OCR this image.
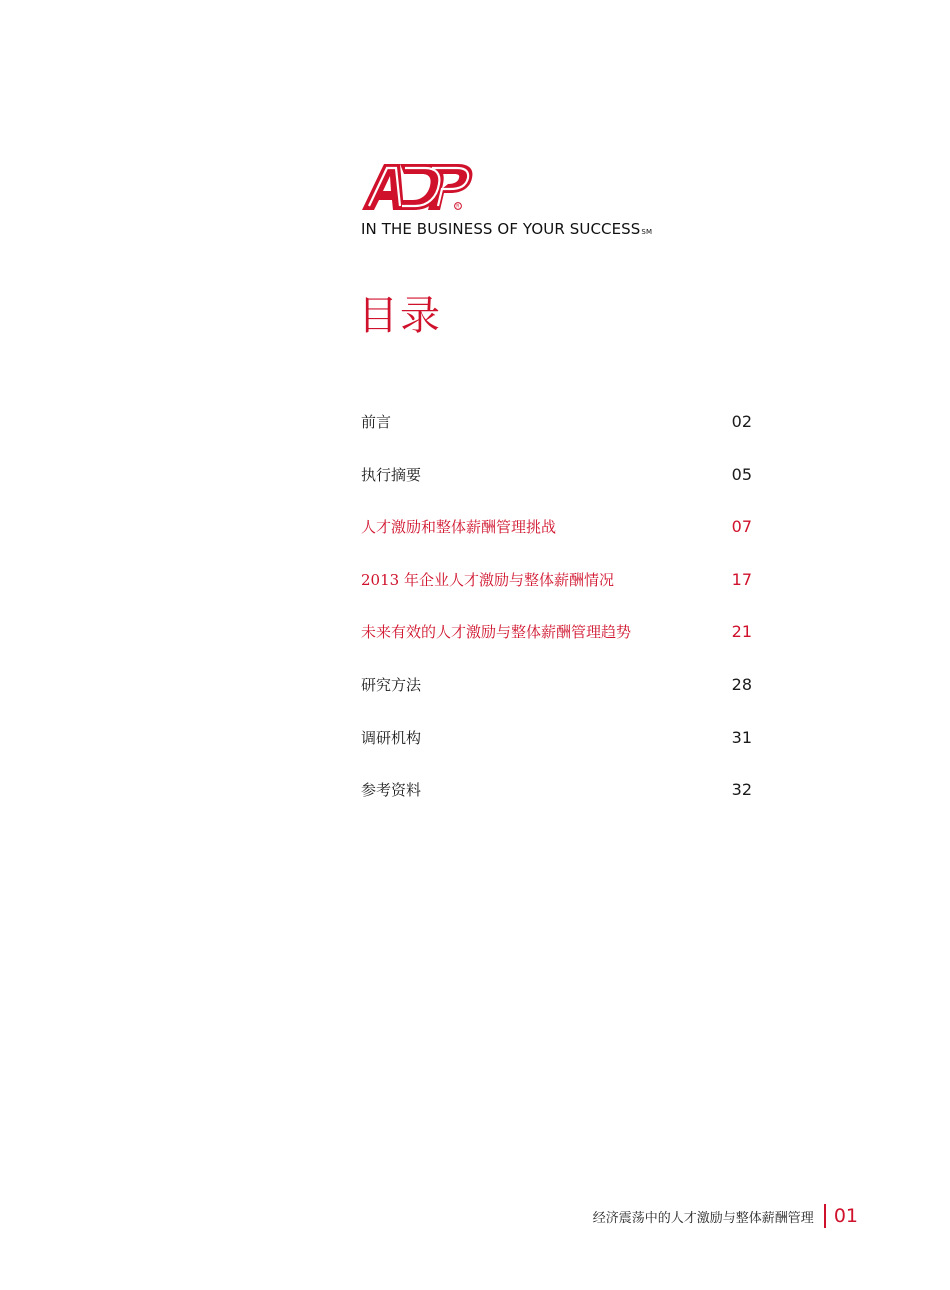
R
IN THE BUSINESS OF YOUR SUCCESSSM
目录
前言	02
执行摘要	05
人才激励和整体薪酬管理挑战	07
2013 年企业人才激励与整体薪酬情况	17
未来有效的人才激励与整体薪酬管理趋势	21
研究方法	28
调研机构	31
参考资料	32
经济震荡中的人才激励与整体薪酬管理 01
